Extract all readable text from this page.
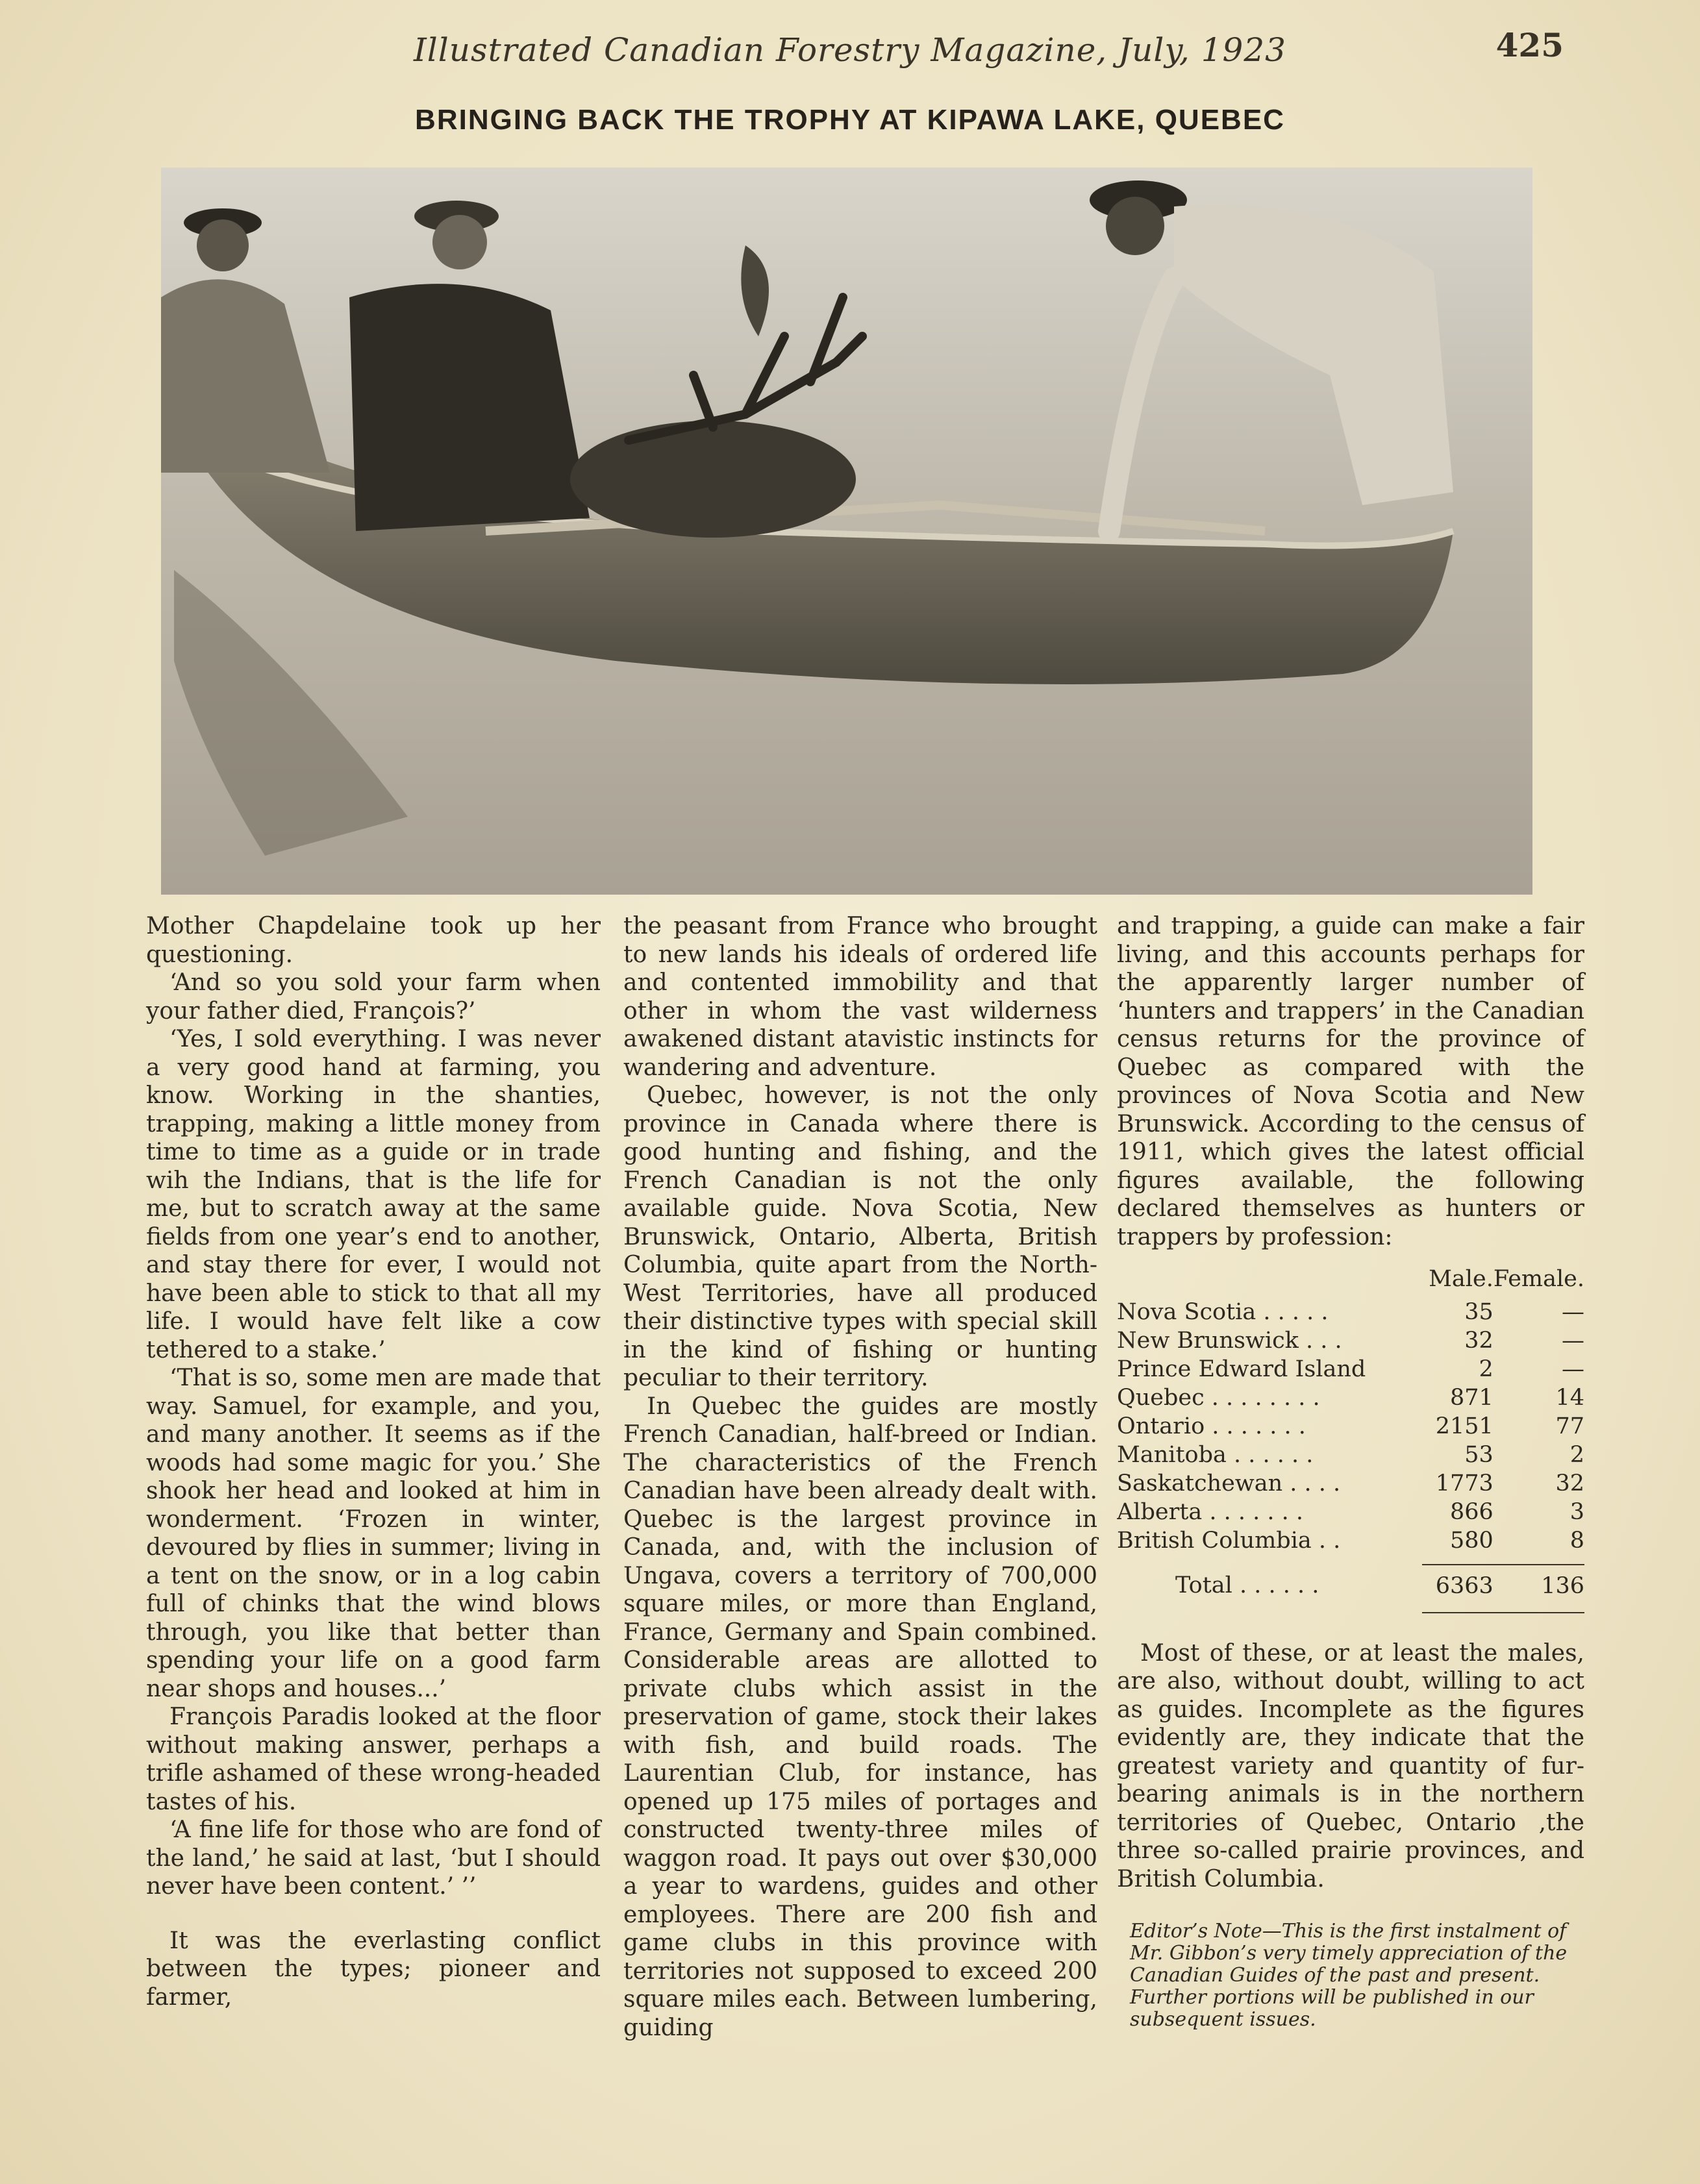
Illustrated Canadian Forestry Magazine, July, 1923	425
BRINGING BACK THE TROPHY AT KIPAWA LAKE, QUEBEC

Mother Chapdelaine took up her questioning.

‘And so you sold your farm when your father died, François?’

‘Yes, I sold everything. I was never a very good hand at farming, you know. Working in the shanties, trapping, making a little money from time to time as a guide or in trade wih the Indians, that is the life for me, but to scratch away at the same fields from one year’s end to another, and stay there for ever, I would not have been able to stick to that all my life. I would have felt like a cow tethered to a stake.’

‘That is so, some men are made that way. Samuel, for example, and you, and many another. It seems as if the woods had some magic for you.’ She shook her head and looked at him in wonderment. ‘Frozen in winter, devoured by flies in summer; living in a tent on the snow, or in a log cabin full of chinks that the wind blows through, you like that better than spending your life on a good farm near shops and houses...’

François Paradis looked at the floor without making answer, perhaps a trifle ashamed of these wrong-headed tastes of his.

‘A fine life for those who are fond of the land,’ he said at last, ‘but I should never have been content.’ ’’

It was the everlasting conflict between the types; pioneer and farmer,

the peasant from France who brought to new lands his ideals of ordered life and contented immobility and that other in whom the vast wilderness awakened distant atavistic instincts for wandering and adventure.

Quebec, however, is not the only province in Canada where there is good hunting and fishing, and the French Canadian is not the only available guide. Nova Scotia, New Brunswick, Ontario, Alberta, British Columbia, quite apart from the North-West Territories, have all produced their distinctive types with special skill in the kind of fishing or hunting peculiar to their territory.

In Quebec the guides are mostly French Canadian, half-breed or Indian. The characteristics of the French Canadian have been already dealt with. Quebec is the largest province in Canada, and, with the inclusion of Ungava, covers a territory of 700,000 square miles, or more than England, France, Germany and Spain combined. Considerable areas are allotted to private clubs which assist in the preservation of game, stock their lakes with fish, and build roads. The Laurentian Club, for instance, has opened up 175 miles of portages and constructed twenty-three miles of waggon road. It pays out over $30,000 a year to wardens, guides and other employees. There are 200 fish and game clubs in this province with territories not supposed to exceed 200 square miles each. Between lumbering, guiding

and trapping, a guide can make a fair living, and this accounts perhaps for the apparently larger number of ‘hunters and trappers’ in the Canadian census returns for the province of Quebec as compared with the provinces of Nova Scotia and New Brunswick. According to the census of 1911, which gives the latest official figures available, the following declared themselves as hunters or trappers by profession:

	Male.	Female.
Nova Scotia . . . . .	35	—
New Brunswick . . .	32	—
Prince Edward Island	2	—
Quebec . . . . . . . .	871	14
Ontario . . . . . . .	2151	77
Manitoba . . . . . .	53	2
Saskatchewan . . . .	1773	32
Alberta . . . . . . .	866	3
British Columbia . .	580	8

Total . . . . . .	6363	136

Most of these, or at least the males, are also, without doubt, willing to act as guides. Incomplete as the figures evidently are, they indicate that the greatest variety and quantity of fur-bearing animals is in the northern territories of Quebec, Ontario ,the three so-called prairie provinces, and British Columbia.

Editor’s Note—This is the first instalment of Mr. Gibbon’s very timely appreciation of the Canadian Guides of the past and present. Further portions will be published in our subsequent issues.
